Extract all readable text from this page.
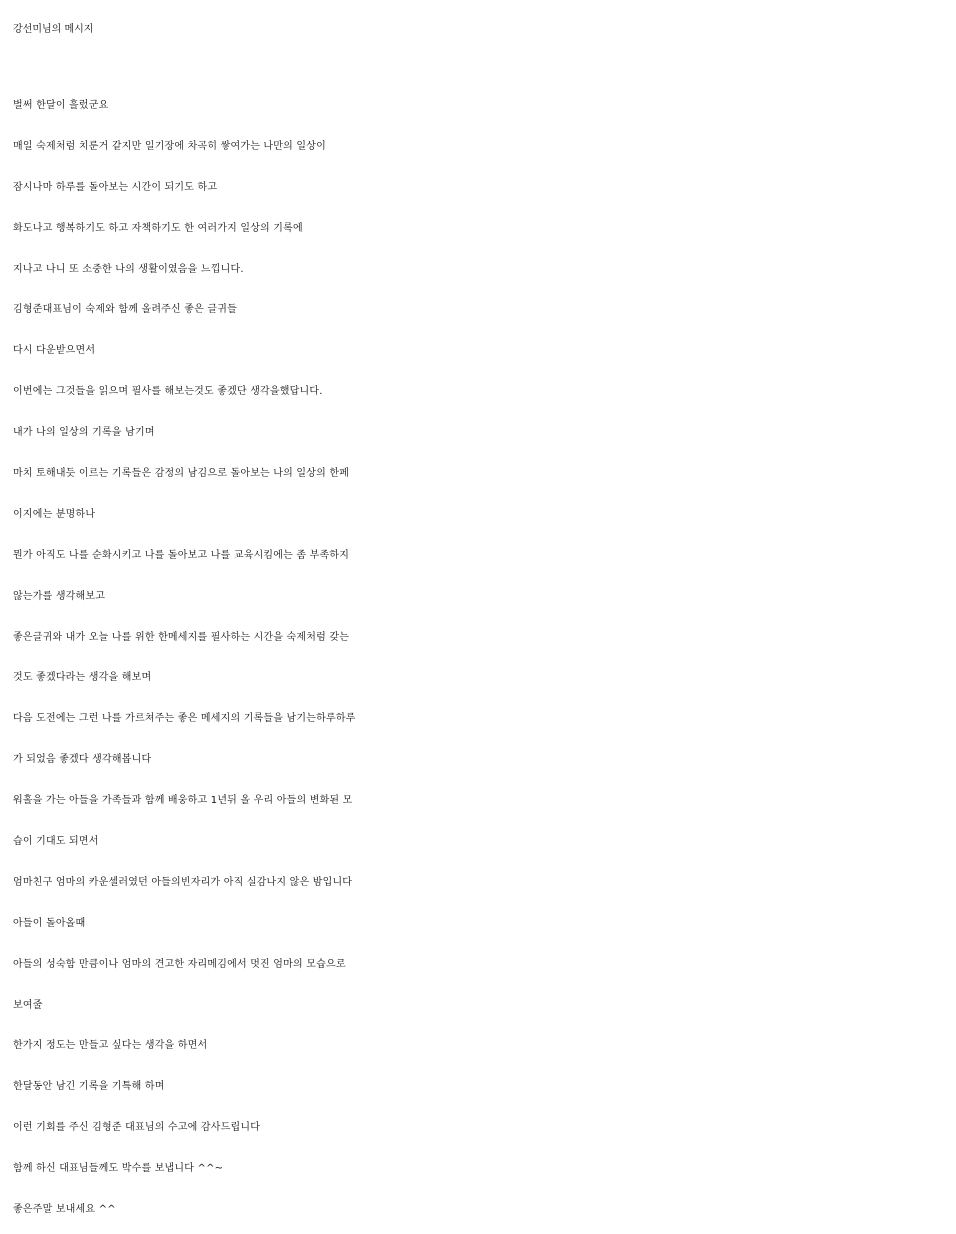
강선미님의 메시지
벌써 한달이 흘렀군요
매일 숙제처럼 치룬거 같지만 일기장에 차곡히 쌓여가는 나만의 일상이
잠시나마 하루를 돌아보는 시간이 되기도 하고
화도나고 행복하기도 하고 자책하기도 한 여러가지 일상의 기록에
지나고 나니 또 소중한 나의 생활이였음을 느낍니다.
김형준대표님이 숙제와 함께 올려주신 좋은 글귀들
다시 다운받으면서
이번에는 그것들을 읽으며 필사를 해보는것도 좋겠단 생각을했답니다.
내가 나의 일상의 기록을 남기며
마치 토해내듯 이르는 기록들은 감정의 남김으로 돌아보는 나의 일상의 한페
이지에는 분명하나
뭔가 아직도 나를 순화시키고 나를 돌아보고 나를 교육시킴에는 좀 부족하지
않는가를 생각해보고
좋은글귀와 내가 오늘 나를 위한 한메세지를 필사하는 시간을 숙제처럼 갖는
것도 좋겠다라는 생각을 해보며
다음 도전에는 그런 나를 가르쳐주는 좋은 메세지의 기록들을 남기는하루하루
가 되었음 좋겠다 생각해봅니다
워홀을 가는 아들을 가족들과 함께 배웅하고 1년뒤 올 우리 아들의 변화된 모
습이 기대도 되면서
엄마친구 엄마의 카운셀러였던 아들의빈자리가 아직 실감나지 않은 밤입니다
아들이 돌아올때
아들의 성숙함 만큼이나 엄마의 견고한 자리메김에서 멋진 엄마의 모습으로
보여줄
한가지 정도는 만들고 싶다는 생각을 하면서
한달동안 남긴 기록을 기특해 하며
이런 기회를 주신 김형준 대표님의 수고에 감사드립니다
함께 하신 대표님들께도 박수를 보냅니다 ^^~
좋은주말 보내세요 ^^
